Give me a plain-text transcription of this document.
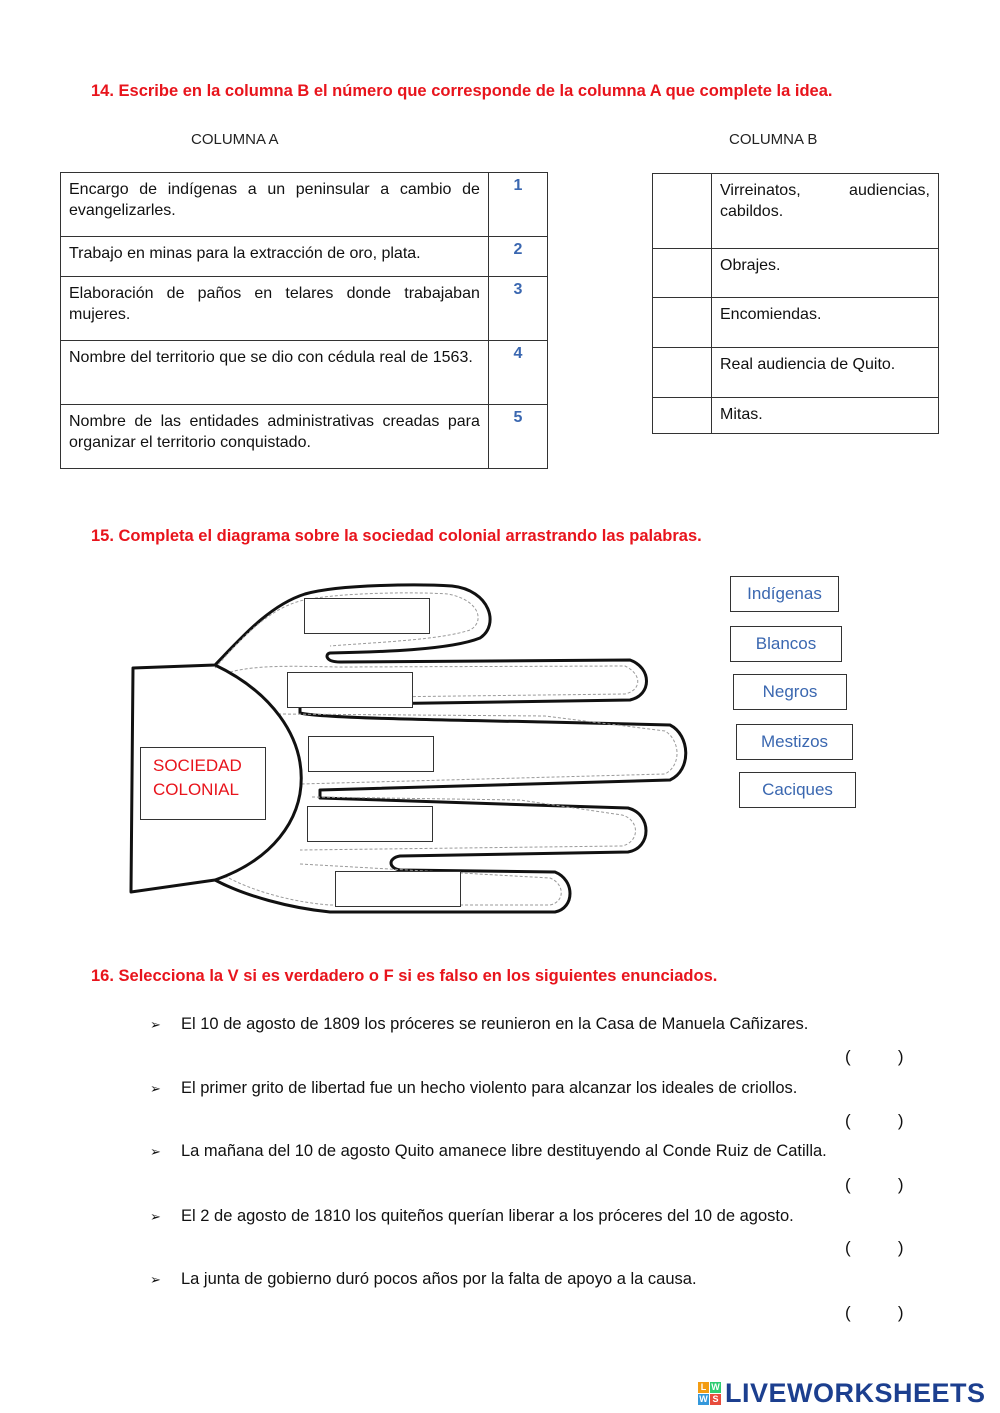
14. Escribe en la columna B el número que corresponde de la columna A que complete la idea.
COLUMNA A	COLUMNA B
Encargo de indígenas a un peninsular a cambio de evangelizarles.	1
Trabajo en minas para la extracción de oro, plata.	2
Elaboración de paños en telares donde trabajaban mujeres.	3
Nombre del territorio que se dio con cédula real de 1563.	4
Nombre de las entidades administrativas creadas para organizar el territorio conquistado.	5
	Virreinatos, audiencias, cabildos.
	Obrajes.
	Encomiendas.
	Real audiencia de Quito.
	Mitas.
15. Completa el diagrama sobre la sociedad colonial arrastrando las palabras.
SOCIEDAD
COLONIAL
Indígenas
Blancos
Negros
Mestizos
Caciques
16. Selecciona la V si es verdadero o F si es falso en los siguientes enunciados.
➢ El 10 de agosto de 1809 los próceres se reunieron en la Casa de Manuela Cañizares.
(          )
➢ El primer grito de libertad fue un hecho violento para alcanzar los ideales de criollos.
(          )
➢ La mañana del 10 de agosto Quito amanece libre destituyendo al Conde Ruiz de Catilla.
(          )
➢ El 2 de agosto de 1810 los quiteños querían liberar a los próceres del 10 de agosto.
(          )
➢ La junta de gobierno duró pocos años por la falta de apoyo a la causa.
(          )
L W
W S LIVEWORKSHEETS
